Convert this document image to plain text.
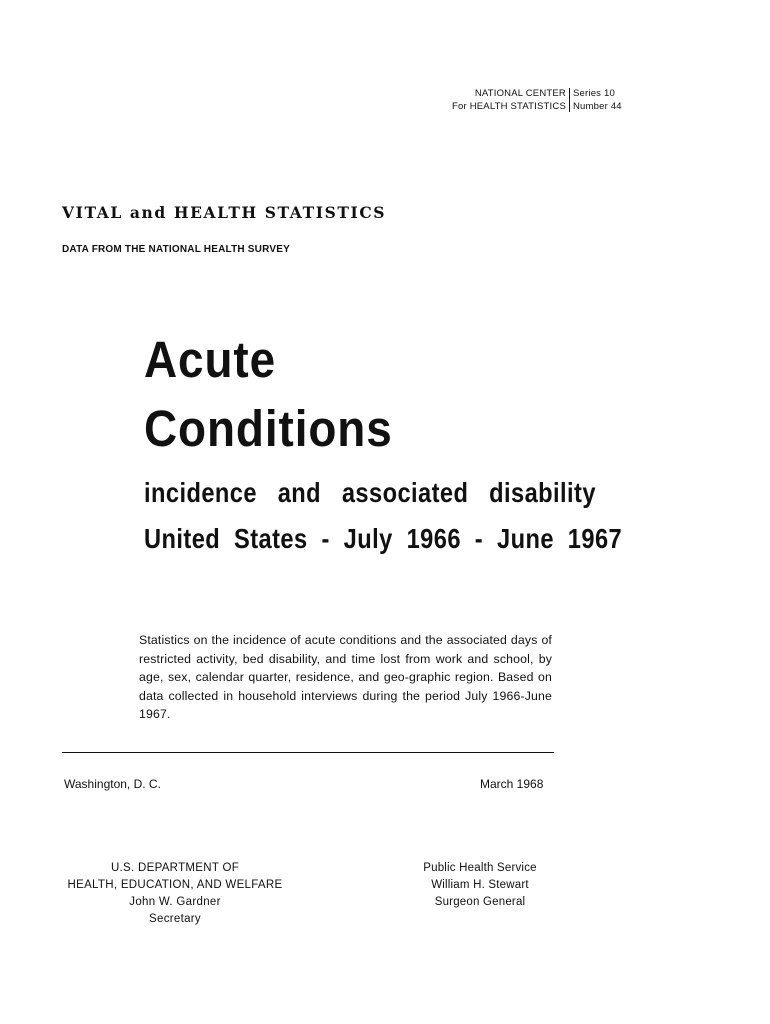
NATIONAL CENTER
For HEALTH STATISTICS
Series 10
Number 44
VITAL and HEALTH STATISTICS
DATA FROM THE NATIONAL HEALTH SURVEY
Acute
Conditions
incidence and associated disability
United States - July 1966 - June 1967
Statistics on the incidence of acute conditions and the associated days of restricted activity, bed disability, and time lost from work and school, by age, sex, calendar quarter, residence, and geo-graphic region. Based on data collected in household interviews during the period July 1966-June 1967.
Washington, D. C.	March 1968
U.S. DEPARTMENT OF
HEALTH, EDUCATION, AND WELFARE
John W. Gardner
Secretary
Public Health Service
William H. Stewart
Surgeon General
